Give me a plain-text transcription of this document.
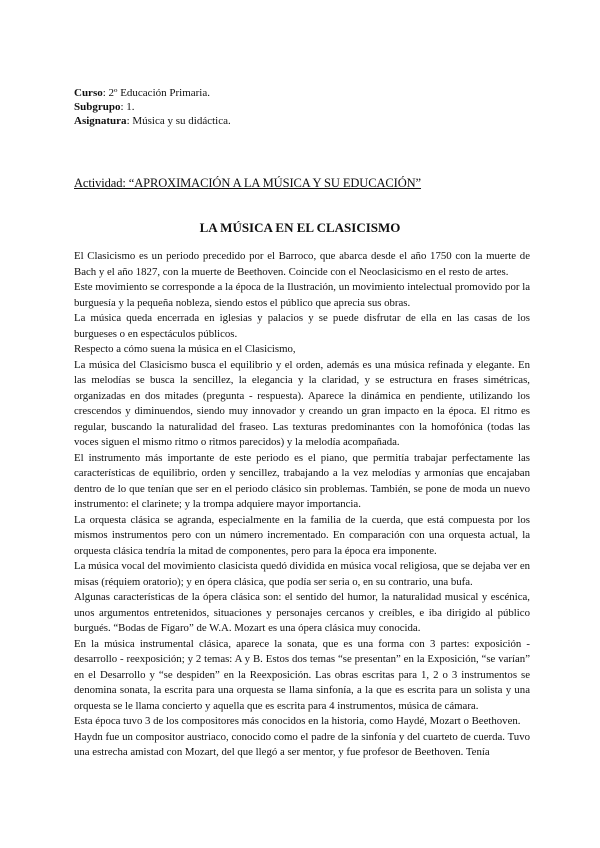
Curso: 2º Educación Primaria.
Subgrupo: 1.
Asignatura: Música y su didáctica.
Actividad: “APROXIMACIÓN A LA MÚSICA Y SU EDUCACIÓN”
LA MÚSICA EN EL CLASICISMO

El Clasicismo es un periodo precedido por el Barroco, que abarca desde el año 1750 con la muerte de Bach y el año 1827, con la muerte de Beethoven. Coincide con el Neoclasicismo en el resto de artes.

Este movimiento se corresponde a la época de la Ilustración, un movimiento intelectual promovido por la burguesía y la pequeña nobleza, siendo estos el público que aprecia sus obras.

La música queda encerrada en iglesias y palacios y se puede disfrutar de ella en las casas de los burgueses o en espectáculos públicos.

Respecto a cómo suena la música en el Clasicismo,

La música del Clasicismo busca el equilibrio y el orden, además es una música refinada y elegante. En las melodías se busca la sencillez, la elegancia y la claridad, y se estructura en frases simétricas, organizadas en dos mitades (pregunta - respuesta). Aparece la dinámica en pendiente, utilizando los crescendos y diminuendos, siendo muy innovador y creando un gran impacto en la época. El ritmo es regular, buscando la naturalidad del fraseo. Las texturas predominantes con la homofónica (todas las voces siguen el mismo ritmo o ritmos parecidos) y la melodía acompañada.

El instrumento más importante de este periodo es el piano, que permitía trabajar perfectamente las características de equilibrio, orden y sencillez, trabajando a la vez melodías y armonías que encajaban dentro de lo que tenían que ser en el periodo clásico sin problemas. También, se pone de moda un nuevo instrumento: el clarinete; y la trompa adquiere mayor importancia.

La orquesta clásica se agranda, especialmente en la familia de la cuerda, que está compuesta por los mismos instrumentos pero con un número incrementado. En comparación con una orquesta actual, la orquesta clásica tendría la mitad de componentes, pero para la época era imponente.

La música vocal del movimiento clasicista quedó dividida en música vocal religiosa, que se dejaba ver en misas (réquiem oratorio); y en ópera clásica, que podía ser seria o, en su contrario, una bufa.

Algunas características de la ópera clásica son: el sentido del humor, la naturalidad musical y escénica, unos argumentos entretenidos, situaciones y personajes cercanos y creíbles, e iba dirigido al público burgués. “Bodas de Fígaro” de W.A. Mozart es una ópera clásica muy conocida.

En la música instrumental clásica, aparece la sonata, que es una forma con 3 partes: exposición - desarrollo - reexposición; y 2 temas: A y B. Estos dos temas “se presentan” en la Exposición, “se varían” en el Desarrollo y “se despiden” en la Reexposición. Las obras escritas para 1, 2 o 3 instrumentos se denomina sonata, la escrita para una orquesta se llama sinfonía, a la que es escrita para un solista y una orquesta se le llama concierto y aquella que es escrita para 4 instrumentos, música de cámara.

Esta época tuvo 3 de los compositores más conocidos en la historia, como Haydé, Mozart o Beethoven.

Haydn fue un compositor austriaco, conocido como el padre de la sinfonía y del cuarteto de cuerda. Tuvo una estrecha amistad con Mozart, del que llegó a ser mentor, y fue profesor de Beethoven. Tenía
